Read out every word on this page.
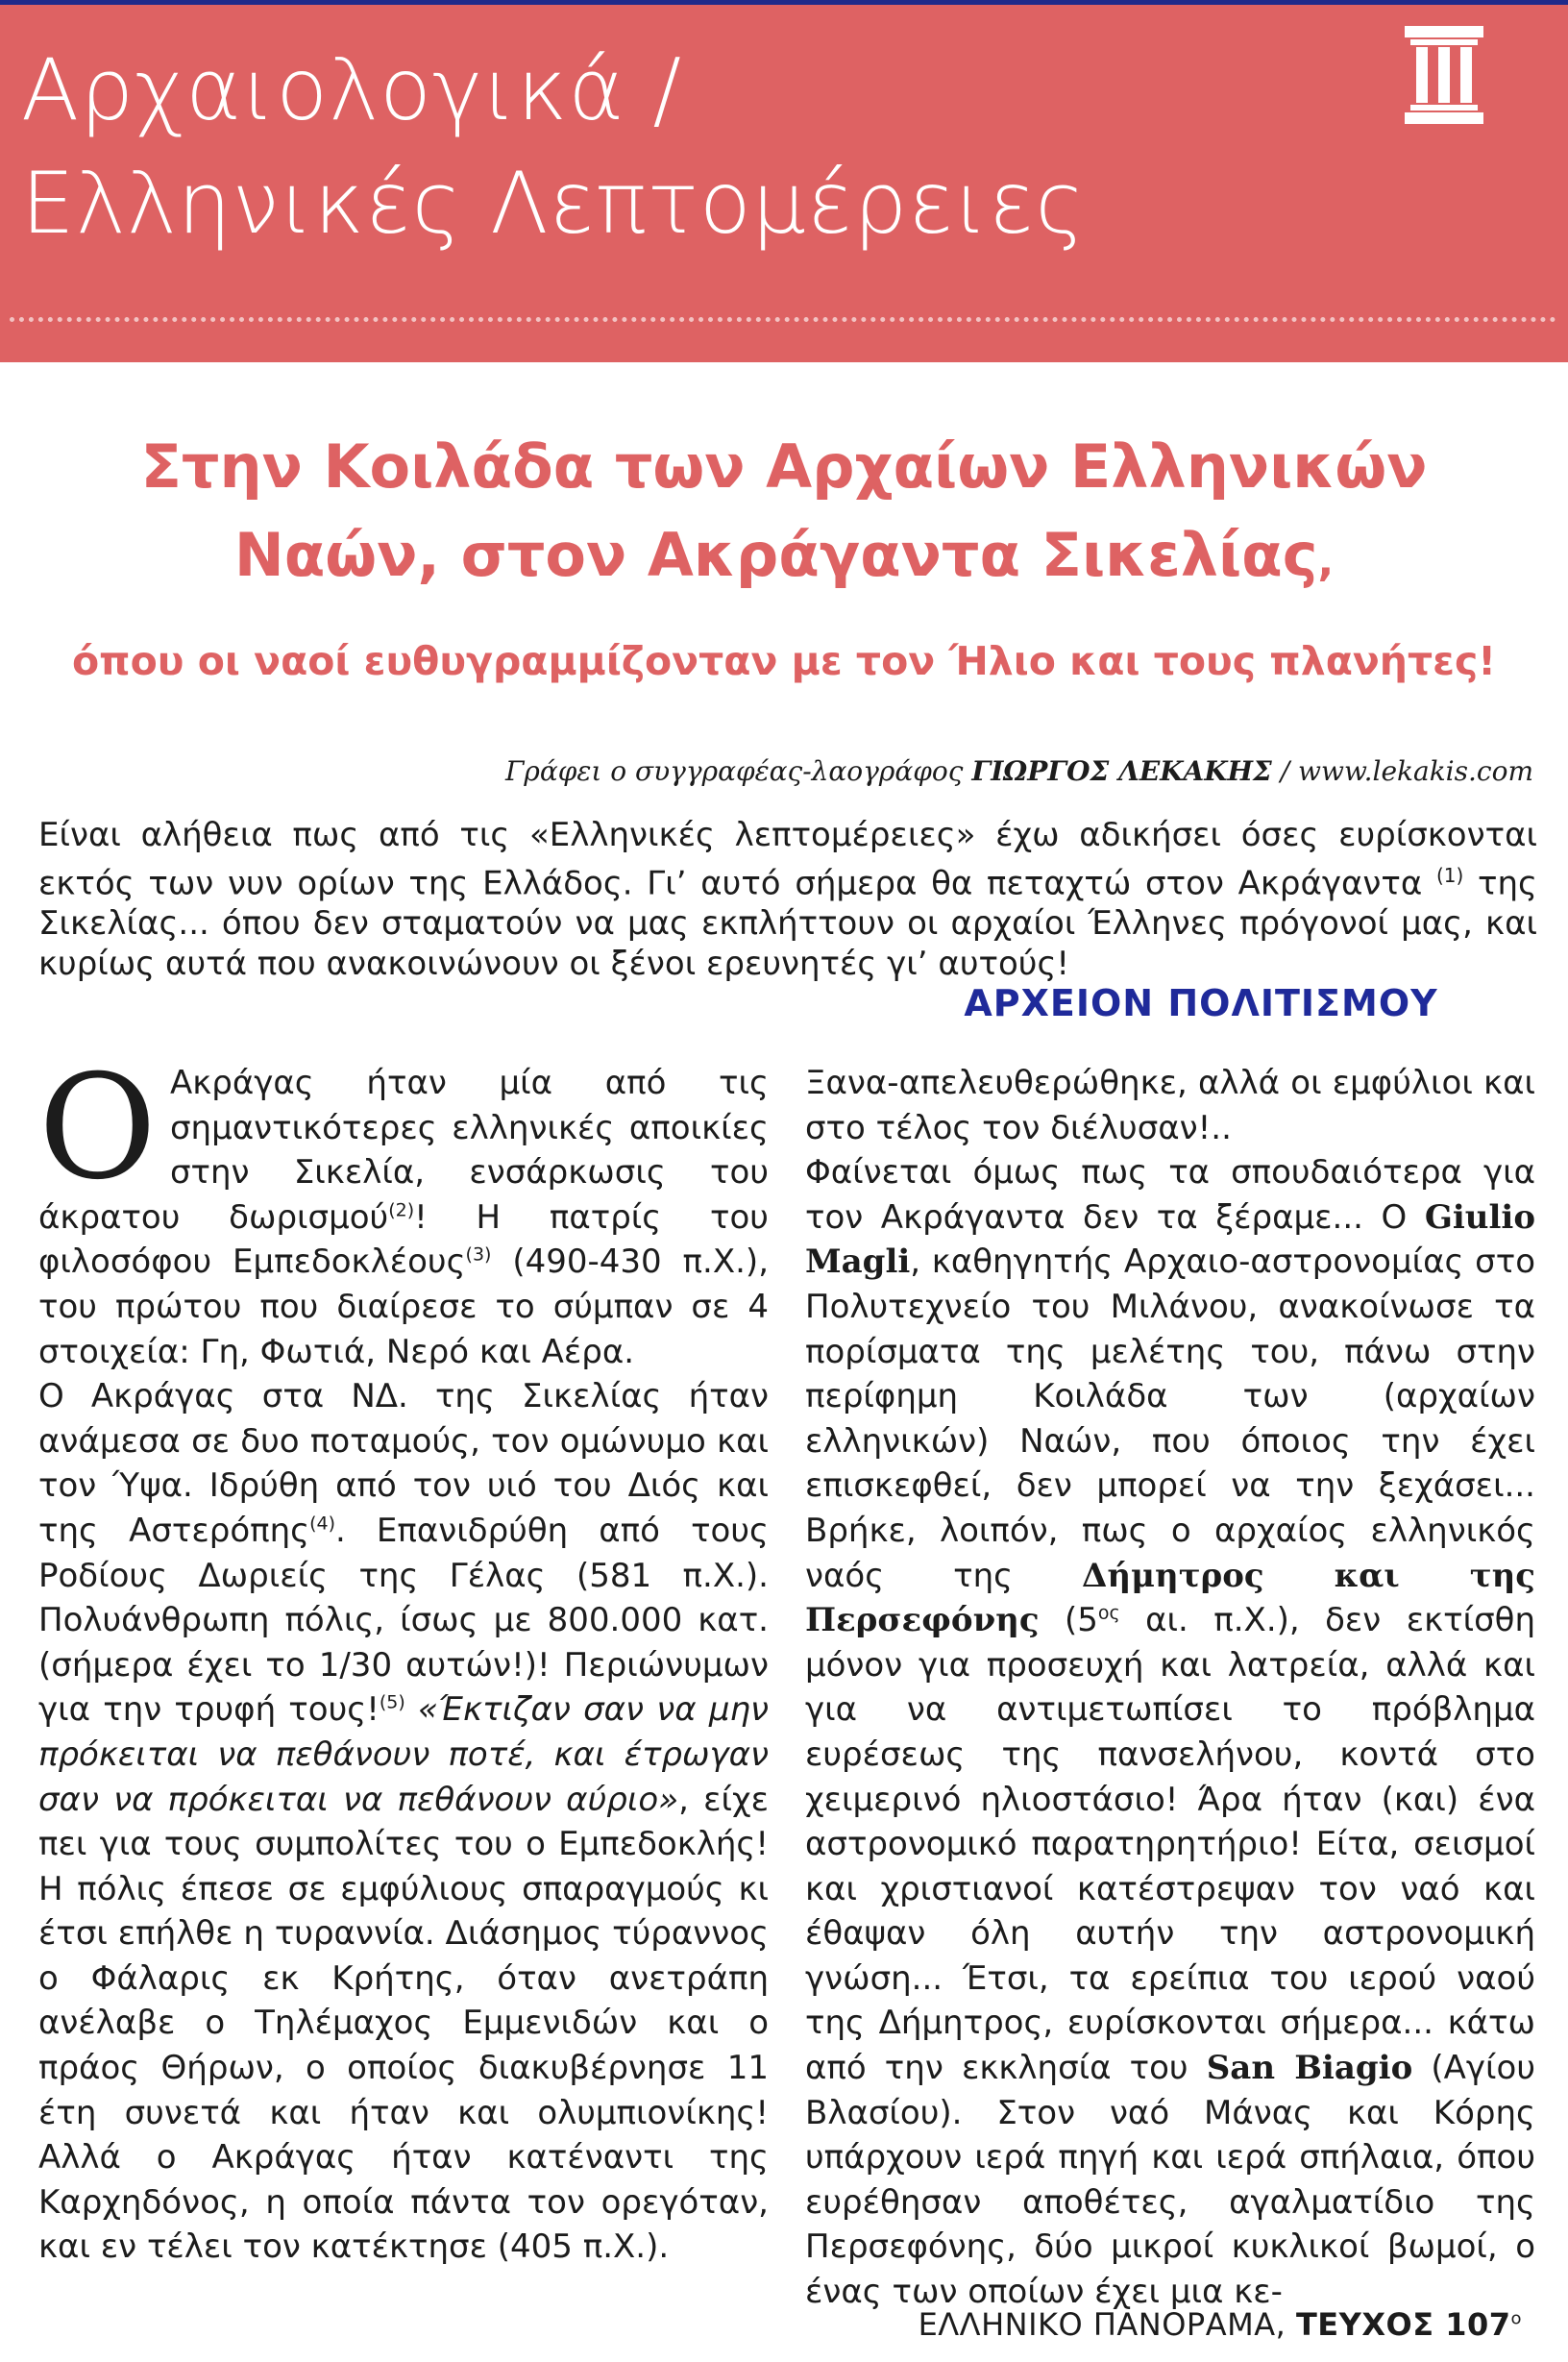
Αρχαιολογικά /
Ελληνικές Λεπτομέρειες
Στην Κοιλάδα των Αρχαίων Ελληνικών
Ναών, στον Ακράγαντα Σικελίας,
όπου οι ναοί ευθυγραμμίζονταν με τον Ήλιο και τους πλανήτες!
Γράφει ο συγγραφέας-λαογράφος ΓΙΩΡΓΟΣ ΛΕΚΑΚΗΣ / www.lekakis.com
Είναι αλήθεια πως από τις «Ελληνικές λεπτομέρειες» έχω αδικήσει όσες ευρίσκονται εκτός των νυν ορίων της Ελλάδος. Γι’ αυτό σήμερα θα πεταχτώ στον Ακράγαντα $^{(1)}$ της Σικελίας... όπου δεν σταματούν να μας εκπλήττουν οι αρχαίοι Έλληνες πρόγονοί μας, και κυρίως αυτά που ανακοινώνουν οι ξένοι ερευνητές γι’ αυτούς!
ΑΡΧΕΙΟΝ ΠΟΛΙΤΙΣΜΟΥ

Ο Ακράγας ήταν μία από τις σημαντικότερες ελληνικές αποικίες στην Σικελία, ενσάρκωσις του άκρατου δωρισμού$^{(2)}$! Η πατρίς του φιλοσόφου Εμπεδοκλέους$^{(3)}$ (490-430 π.Χ.), του πρώτου που διαίρεσε το σύμπαν σε 4 στοιχεία: Γη, Φωτιά, Νερό και Αέρα.

Ο Ακράγας στα ΝΔ. της Σικελίας ήταν ανάμεσα σε δυο ποταμούς, τον ομώνυμο και τον Ύψα. Ιδρύθη από τον υιό του Διός και της Αστερόπης$^{(4)}$. Επανιδρύθη από τους Ροδίους Δωριείς της Γέλας (581 π.Χ.). Πολυάνθρωπη πόλις, ίσως με 800.000 κατ. (σήμερα έχει το 1/30 αυτών!)! Περιώνυμων για την τρυφή τους!$^{(5)}$ «Έκτιζαν σαν να μην πρόκειται να πεθάνουν ποτέ, και έτρωγαν σαν να πρόκειται να πεθάνουν αύριο», είχε πει για τους συμπολίτες του ο Εμπεδοκλής! Η πόλις έπεσε σε εμφύλιους σπαραγμούς κι έτσι επήλθε η τυραννία. Διάσημος τύραννος ο Φάλαρις εκ Κρήτης, όταν ανετράπη ανέλαβε ο Τηλέμαχος Εμμενιδών και ο πράος Θήρων, ο οποίος διακυβέρνησε 11 έτη συνετά και ήταν και ολυμπιονίκης! Αλλά ο Ακράγας ήταν κατέναντι της Καρχηδόνος, η οποία πάντα τον ορεγόταν, και εν τέλει τον κατέκτησε (405 π.Χ.).

Ξανα-απελευθερώθηκε, αλλά οι εμφύλιοι και στο τέλος τον διέλυσαν!..

Φαίνεται όμως πως τα σπουδαιότερα για τον Ακράγαντα δεν τα ξέραμε... Ο Giulio Magli, καθηγητής Αρχαιο-αστρονομίας στο Πολυτεχνείο του Μιλάνου, ανακοίνωσε τα πορίσματα της μελέτης του, πάνω στην περίφημη Κοιλάδα των (αρχαίων ελληνικών) Ναών, που όποιος την έχει επισκεφθεί, δεν μπορεί να την ξεχάσει... Βρήκε, λοιπόν, πως ο αρχαίος ελληνικός ναός της Δήμητρος και της Περσεφόνης ($5^{o\varsigma}$ αι. π.Χ.), δεν εκτίσθη μόνον για προσευχή και λατρεία, αλλά και για να αντιμετωπίσει το πρόβλημα ευρέσεως της πανσελήνου, κοντά στο χειμερινό ηλιοστάσιο! Άρα ήταν (και) ένα αστρονομικό παρατηρητήριο! Είτα, σεισμοί και χριστιανοί κατέστρεψαν τον ναό και έθαψαν όλη αυτήν την αστρονομική γνώση... Έτσι, τα ερείπια του ιερού ναού της Δήμητρος, ευρίσκονται σήμερα... κάτω από την εκκλησία του San Biagio (Αγίου Βλασίου). Στον ναό Μάνας και Κόρης υπάρχουν ιερά πηγή και ιερά σπήλαια, όπου ευρέθησαν αποθέτες, αγαλματίδιο της Περσεφόνης, δύο μικροί κυκλικοί βωμοί, ο ένας των οποίων έχει μια κε-

ΕΛΛΗΝΙΚΟ ΠΑΝΟΡΑΜΑ, ΤΕΥΧΟΣ $107^o$
